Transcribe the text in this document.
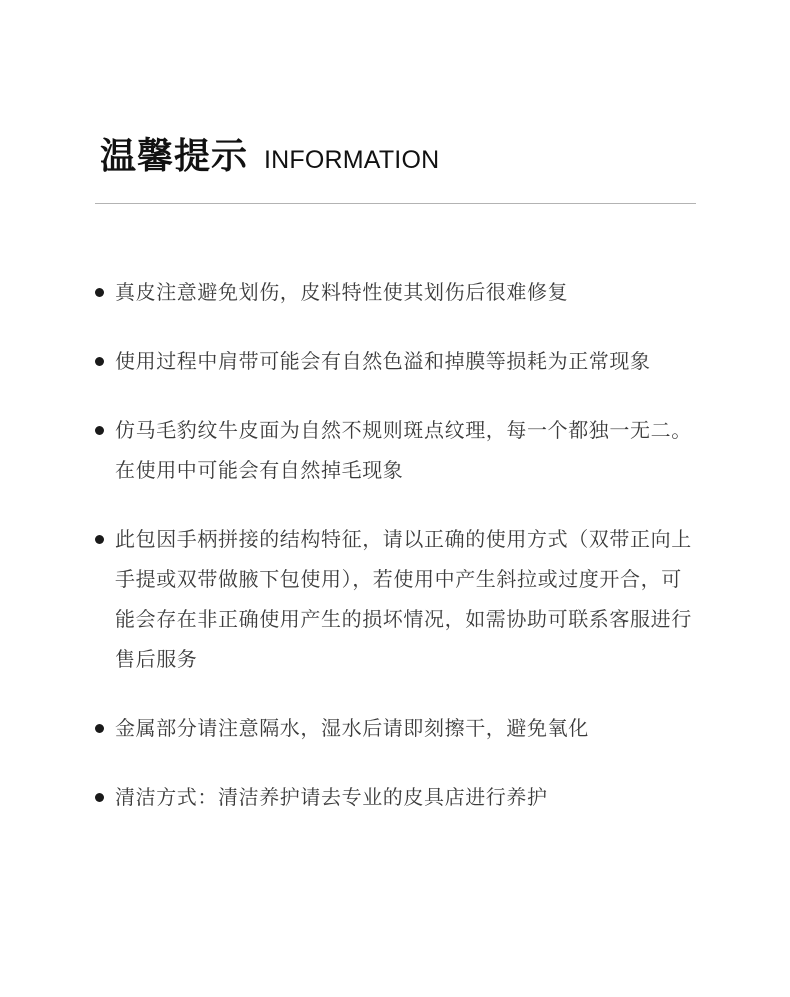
温馨提示 INFORMATION
真皮注意避免划伤，皮料特性使其划伤后很难修复
使用过程中肩带可能会有自然色溢和掉膜等损耗为正常现象
仿马毛豹纹牛皮面为自然不规则斑点纹理，每一个都独一无二。在使用中可能会有自然掉毛现象
此包因手柄拼接的结构特征，请以正确的使用方式（双带正向上手提或双带做腋下包使用），若使用中产生斜拉或过度开合，可能会存在非正确使用产生的损坏情况，如需协助可联系客服进行售后服务
金属部分请注意隔水，湿水后请即刻擦干，避免氧化
清洁方式：清洁养护请去专业的皮具店进行养护
